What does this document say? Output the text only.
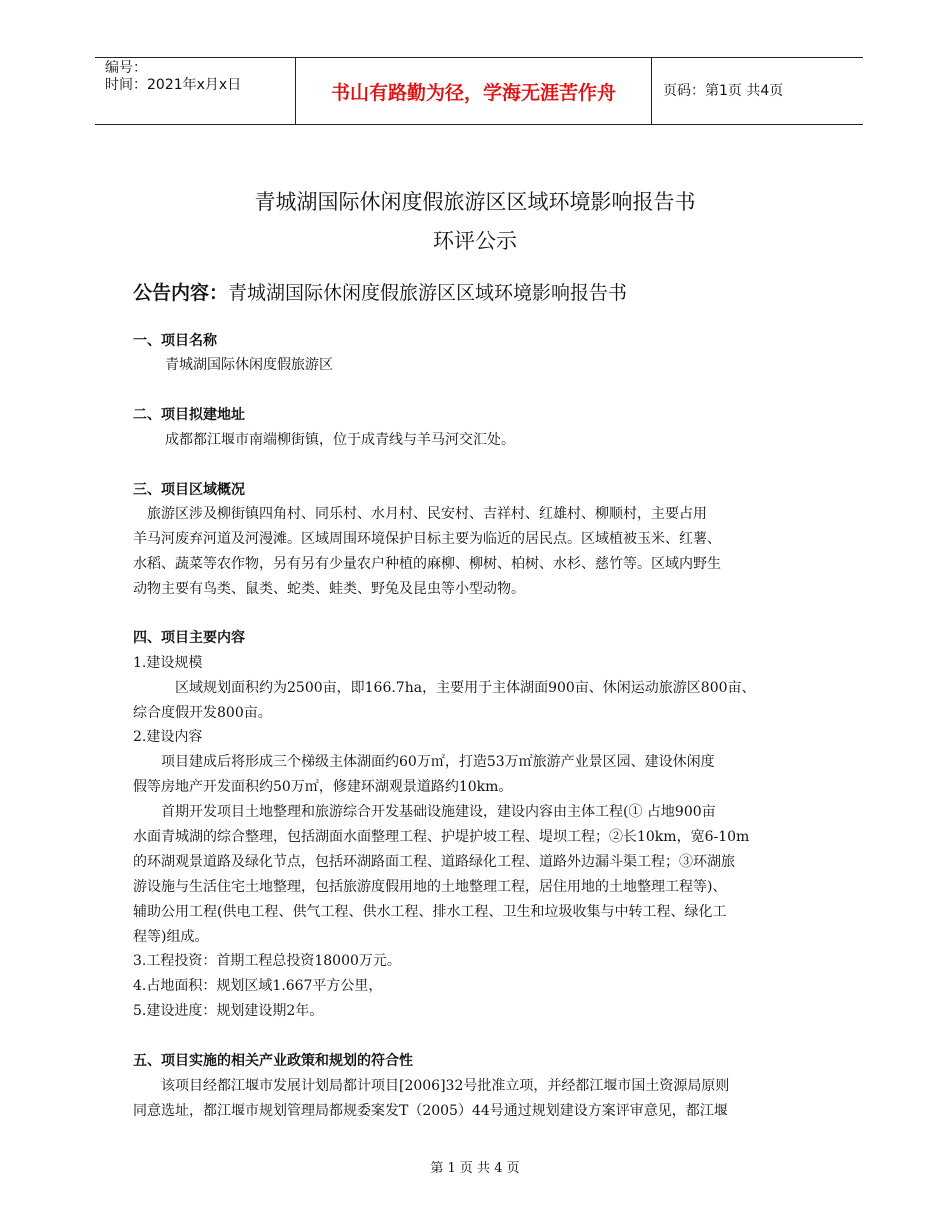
编号：
时间：2021年x月x日	书山有路勤为径，学海无涯苦作舟	页码：第1页 共4页
青城湖国际休闲度假旅游区区域环境影响报告书
环评公示
公告内容：青城湖国际休闲度假旅游区区域环境影响报告书
一、项目名称
青城湖国际休闲度假旅游区
二、项目拟建地址
成都都江堰市南端柳街镇，位于成青线与羊马河交汇处。
三、项目区域概况
旅游区涉及柳街镇四角村、同乐村、水月村、民安村、吉祥村、红雄村、柳顺村，主要占用
羊马河废弃河道及河漫滩。区域周围环境保护目标主要为临近的居民点。区域植被玉米、红薯、
水稻、蔬菜等农作物，另有另有少量农户种植的麻柳、柳树、柏树、水杉、慈竹等。区域内野生
动物主要有鸟类、鼠类、蛇类、蛙类、野兔及昆虫等小型动物。
四、项目主要内容
1.建设规模
区域规划面积约为2500亩，即166.7ha，主要用于主体湖面900亩、休闲运动旅游区800亩、
综合度假开发800亩。
2.建设内容
项目建成后将形成三个梯级主体湖面约60万㎡，打造53万㎡旅游产业景区园、建设休闲度
假等房地产开发面积约50万㎡，修建环湖观景道路约10km。
首期开发项目土地整理和旅游综合开发基础设施建设，建设内容由主体工程(① 占地900亩
水面青城湖的综合整理，包括湖面水面整理工程、护堤护坡工程、堤坝工程；②长10km，宽6-10m
的环湖观景道路及绿化节点，包括环湖路面工程、道路绿化工程、道路外边漏斗渠工程；③环湖旅
游设施与生活住宅土地整理，包括旅游度假用地的土地整理工程，居住用地的土地整理工程等)、
辅助公用工程(供电工程、供气工程、供水工程、排水工程、卫生和垃圾收集与中转工程、绿化工
程等)组成。
3.工程投资：首期工程总投资18000万元。
4.占地面积：规划区域1.667平方公里，
5.建设进度：规划建设期2年。
五、项目实施的相关产业政策和规划的符合性
该项目经都江堰市发展计划局都计项目[2006]32号批准立项，并经都江堰市国土资源局原则
同意选址，都江堰市规划管理局都规委案发T（2005）44号通过规划建设方案评审意见，都江堰
第 1 页 共 4 页
